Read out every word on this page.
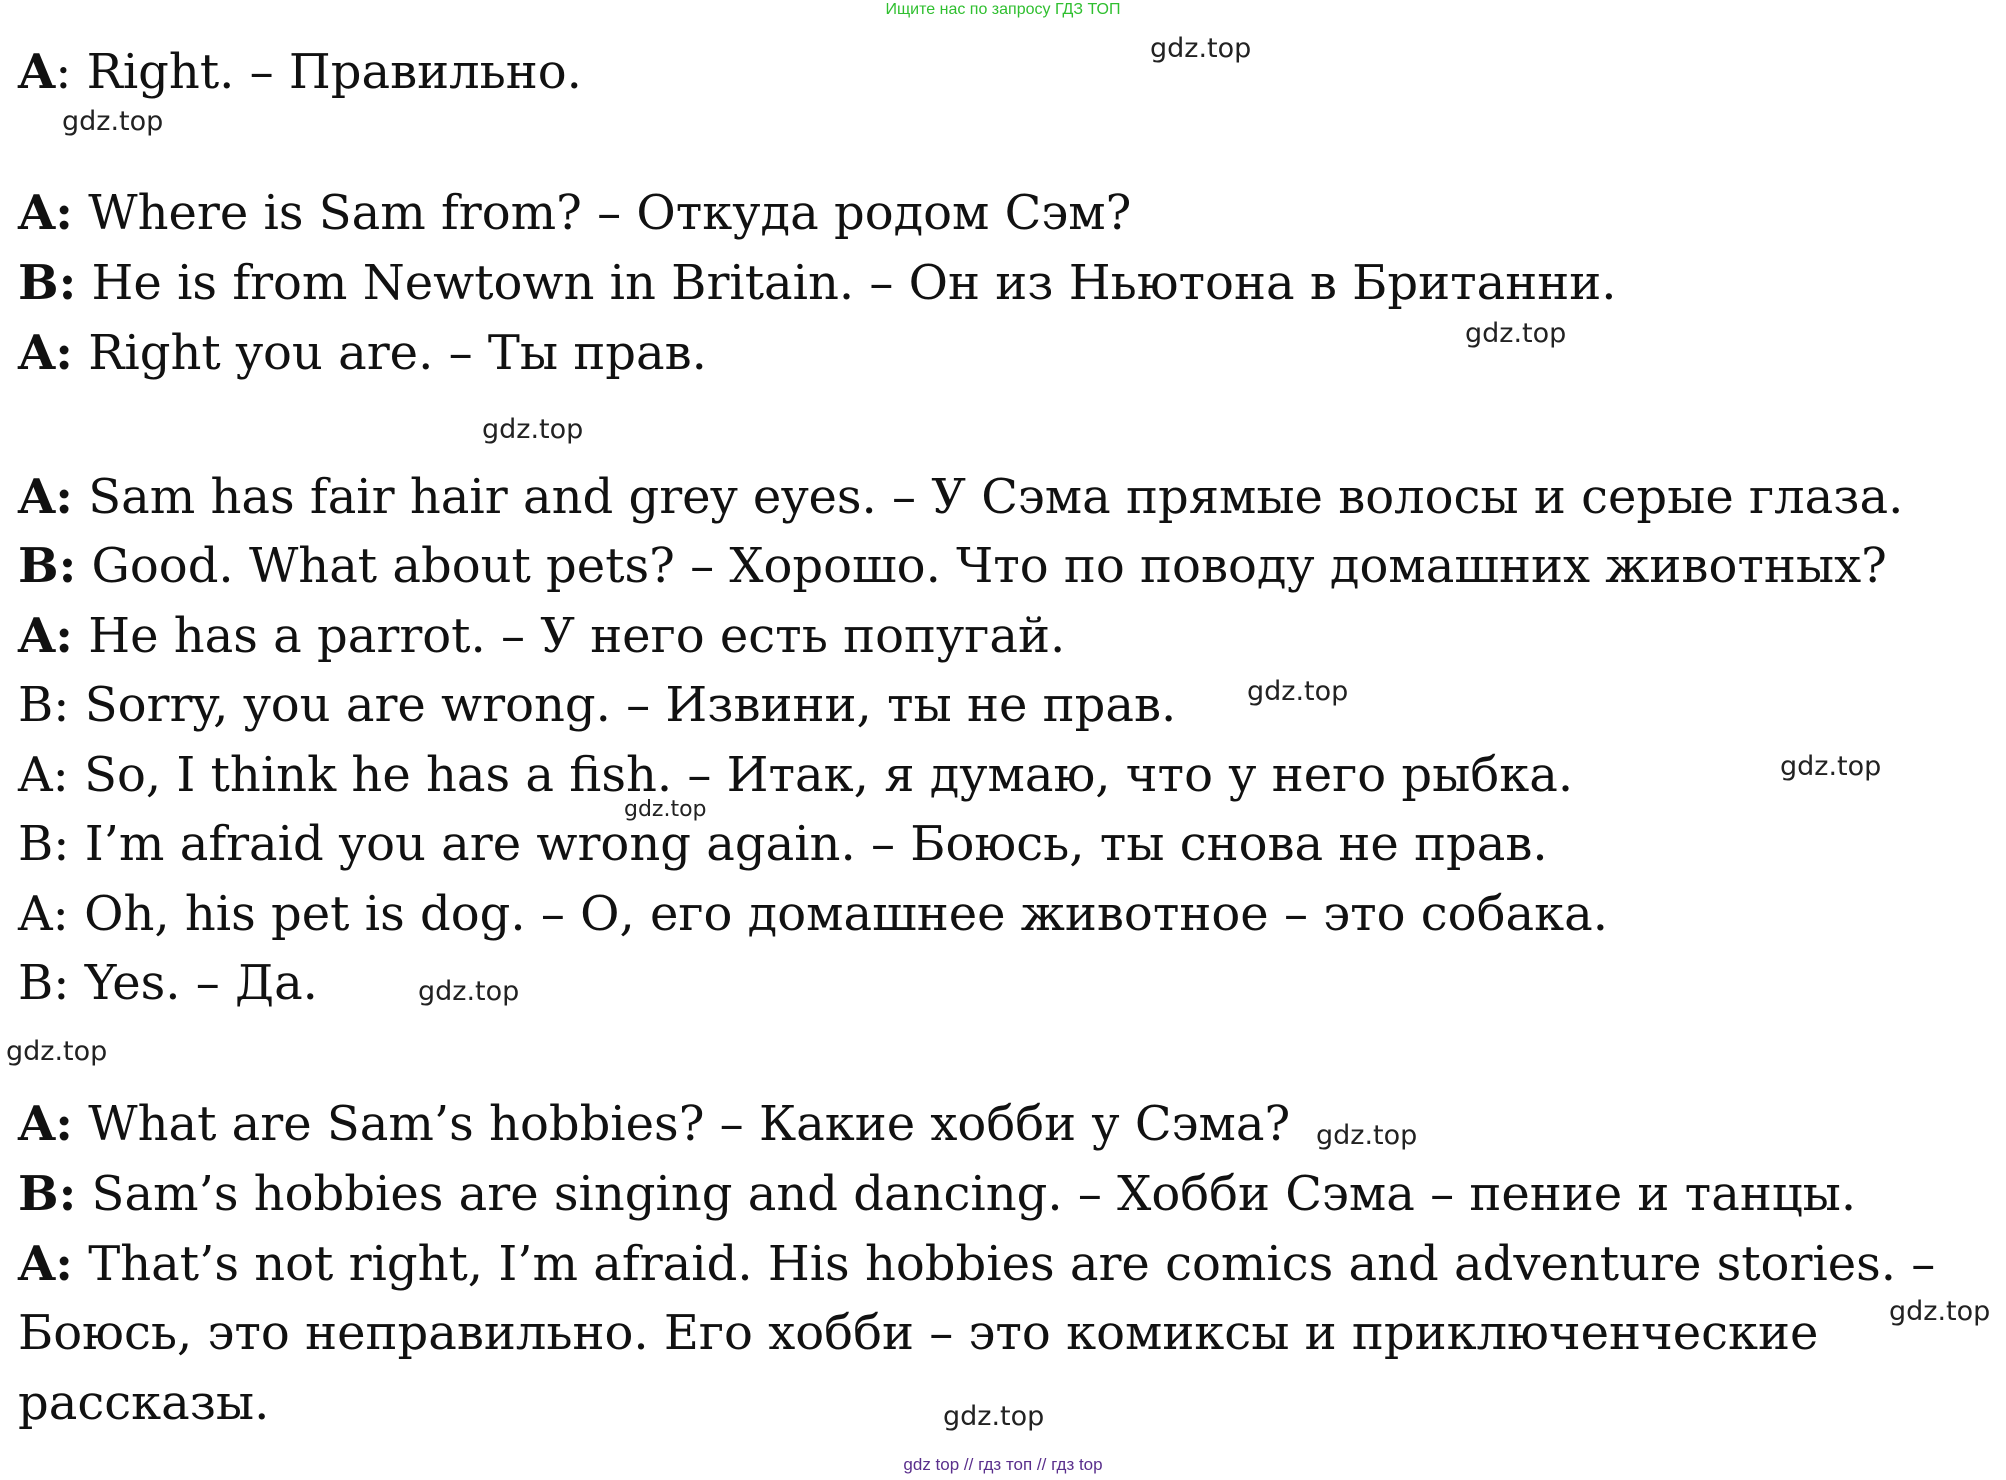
Ищите нас по запросу ГДЗ ТОП
A: Right. – Правильно.
A: Where is Sam from? – Откуда родом Сэм?
B: He is from Newtown in Britain. – Он из Ньютона в Британни.
A: Right you are. – Ты прав.
A: Sam has fair hair and grey eyes. – У Сэма прямые волосы и серые глаза.
B: Good. What about pets? – Хорошо. Что по поводу домашних животных?
A: He has a parrot. – У него есть попугай.
B: Sorry, you are wrong. – Извини, ты не прав.
A: So, I think he has a fish. – Итак, я думаю, что у него рыбка.
B: I’m afraid you are wrong again. – Боюсь, ты снова не прав.
A: Oh, his pet is dog. – О, его домашнее животное – это собака.
B: Yes. – Да.
A: What are Sam’s hobbies? – Какие хобби у Сэма?
B: Sam’s hobbies are singing and dancing. – Хобби Сэма – пение и танцы.
A: That’s not right, I’m afraid. His hobbies are comics and adventure stories. –
Боюсь, это неправильно. Его хобби – это комиксы и приключенческие
рассказы.
gdz.top
gdz.top
gdz.top
gdz.top
gdz.top
gdz.top
gdz.top
gdz.top
gdz.top
gdz.top
gdz.top
gdz.top
gdz top // гдз топ // гдз top
